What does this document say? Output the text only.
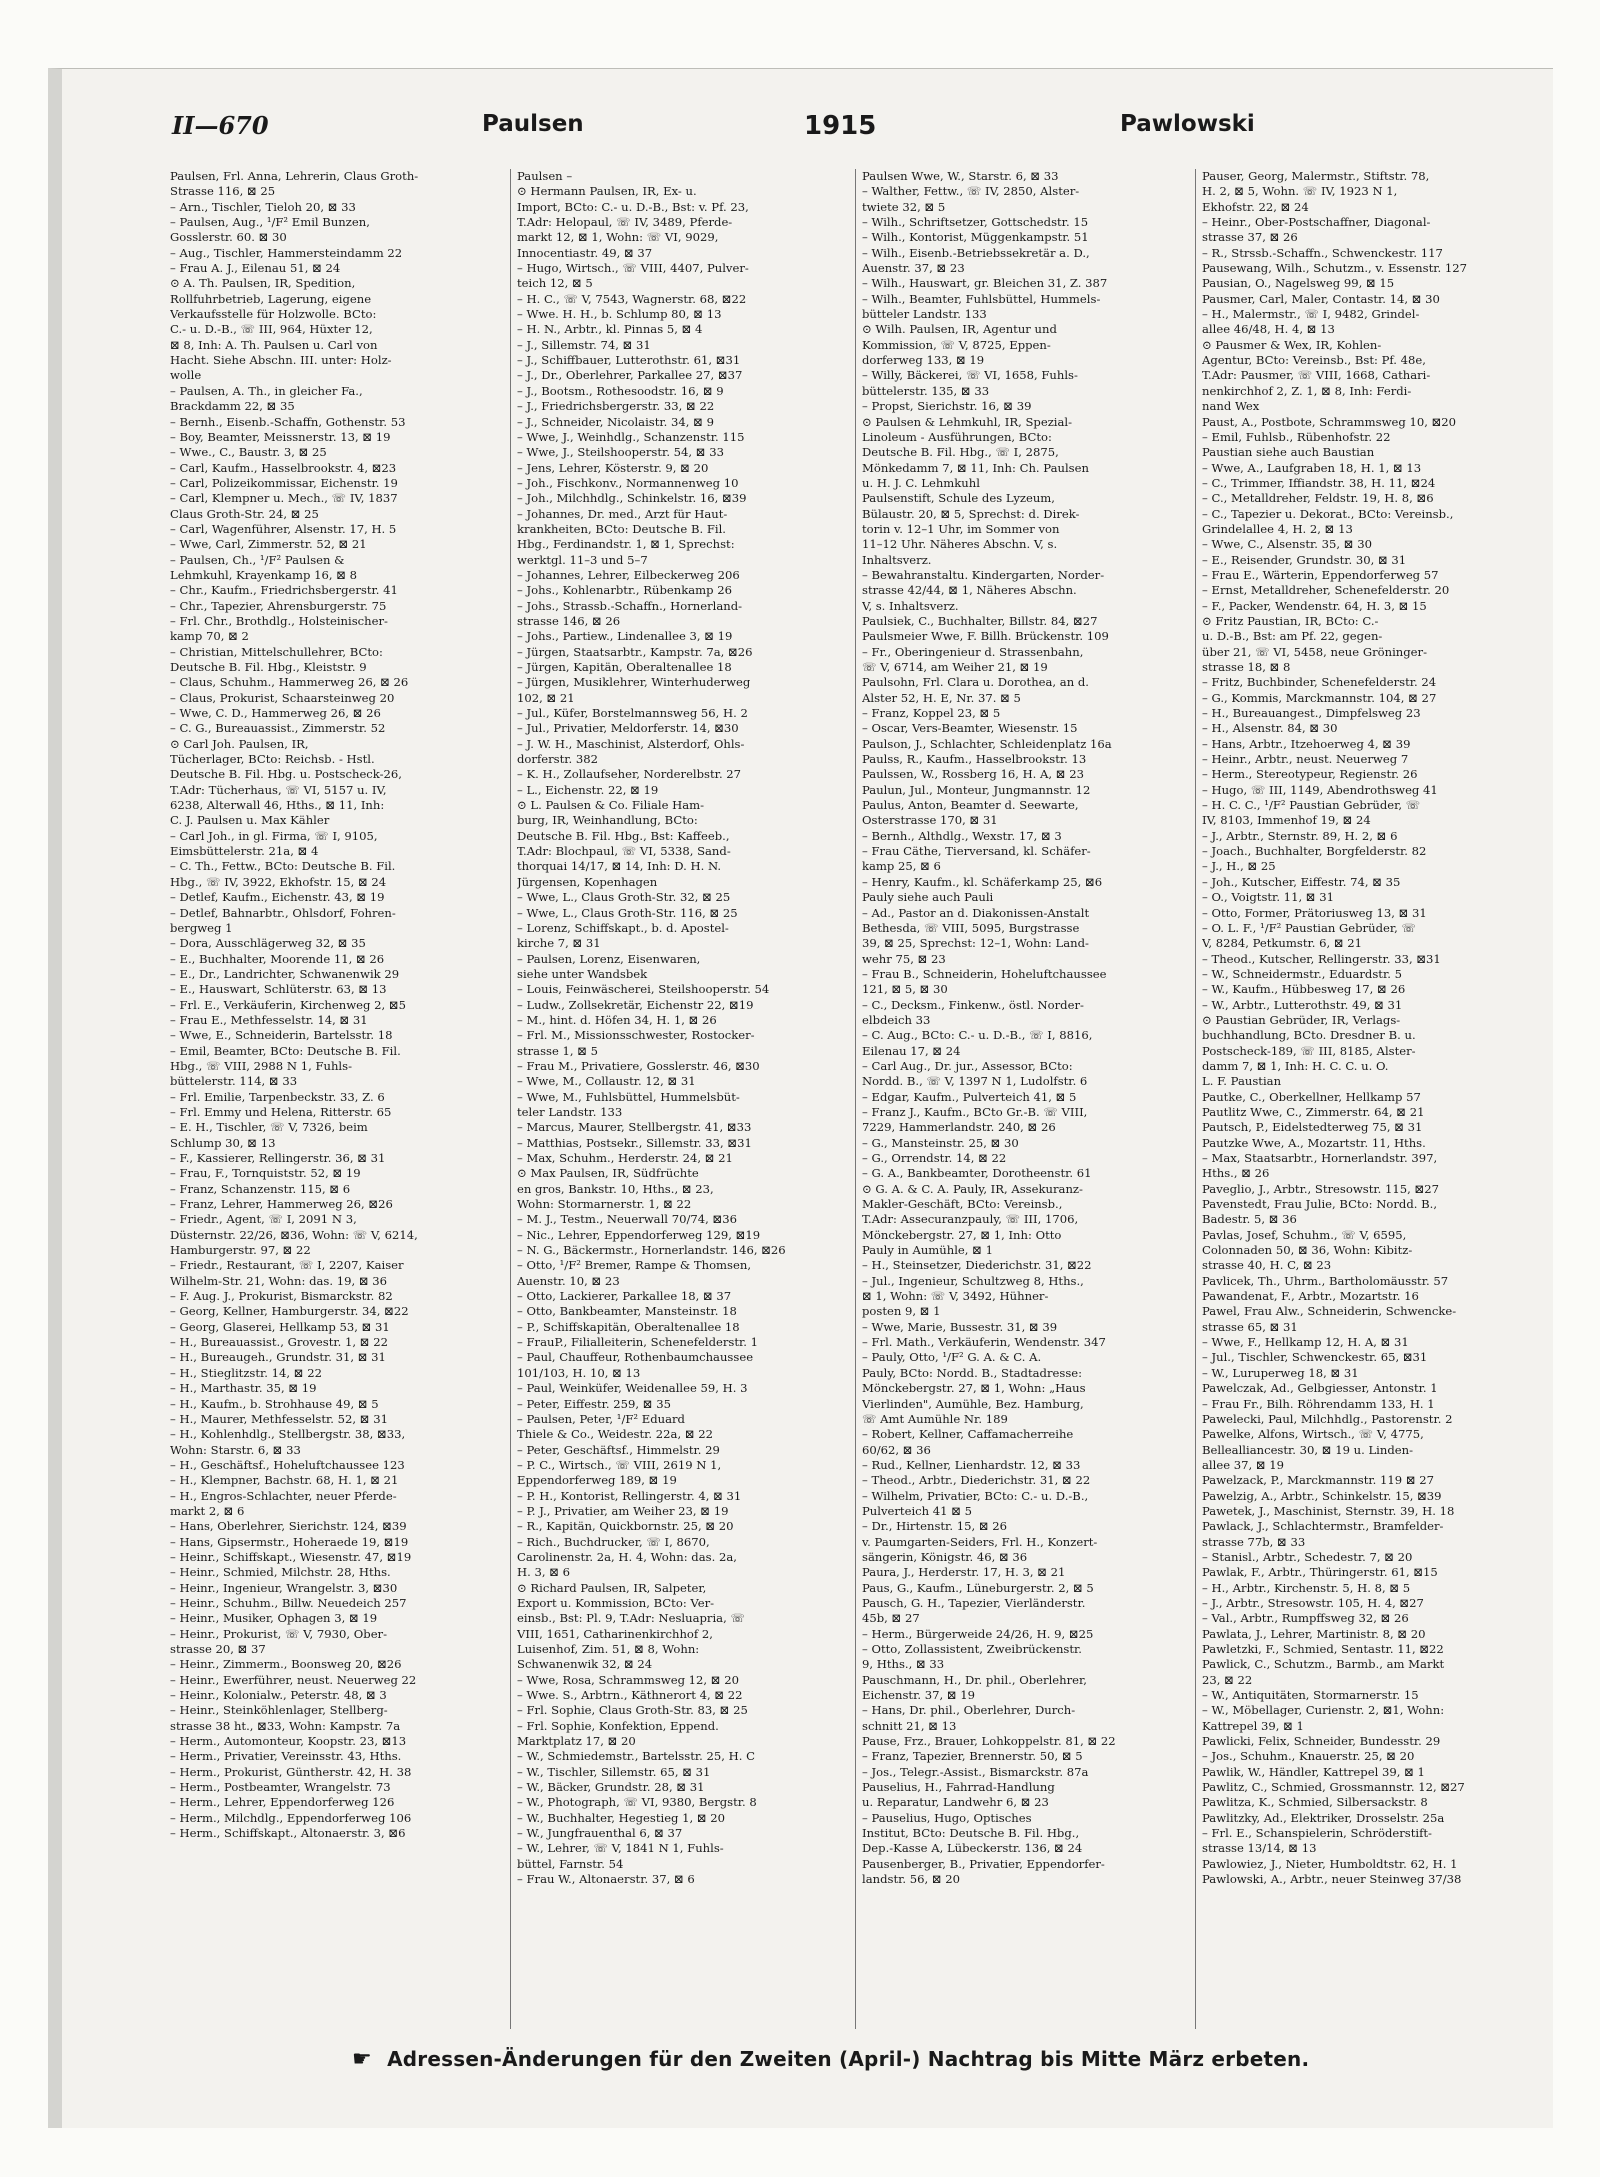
II—670	Paulsen	1915	Pawlowski
Paulsen, Frl. Anna, Lehrerin, Claus Groth-
Strasse 116, ⊠ 25
– Arn., Tischler, Tieloh 20, ⊠ 33
– Paulsen, Aug., ¹/F² Emil Bunzen,
Gosslerstr. 60. ⊠ 30
– Aug., Tischler, Hammersteindamm 22
– Frau A. J., Eilenau 51, ⊠ 24
⊙ A. Th. Paulsen, IR, Spedition,
Rollfuhrbetrieb, Lagerung, eigene
Verkaufsstelle für Holzwolle. BCto:
C.- u. D.-B., ☏ III, 964, Hüxter 12,
⊠ 8, Inh: A. Th. Paulsen u. Carl von
Hacht. Siehe Abschn. III. unter: Holz-
wolle
– Paulsen, A. Th., in gleicher Fa.,
Brackdamm 22, ⊠ 35
– Bernh., Eisenb.-Schaffn, Gothenstr. 53
– Boy, Beamter, Meissnerstr. 13, ⊠ 19
– Wwe., C., Baustr. 3, ⊠ 25
– Carl, Kaufm., Hasselbrookstr. 4, ⊠23
– Carl, Polizeikommissar, Eichenstr. 19
– Carl, Klempner u. Mech., ☏ IV, 1837
Claus Groth-Str. 24, ⊠ 25
– Carl, Wagenführer, Alsenstr. 17, H. 5
– Wwe, Carl, Zimmerstr. 52, ⊠ 21
– Paulsen, Ch., ¹/F² Paulsen &
Lehmkuhl, Krayenkamp 16, ⊠ 8
– Chr., Kaufm., Friedrichsbergerstr. 41
– Chr., Tapezier, Ahrensburgerstr. 75
– Frl. Chr., Brothdlg., Holsteinischer-
kamp 70, ⊠ 2
– Christian, Mittelschullehrer, BCto:
Deutsche B. Fil. Hbg., Kleiststr. 9
– Claus, Schuhm., Hammerweg 26, ⊠ 26
– Claus, Prokurist, Schaarsteinweg 20
– Wwe, C. D., Hammerweg 26, ⊠ 26
– C. G., Bureauassist., Zimmerstr. 52
⊙ Carl Joh. Paulsen, IR,
Tücherlager, BCto: Reichsb. - Hstl.
Deutsche B. Fil. Hbg. u. Postscheck-26,
T.Adr: Tücherhaus, ☏ VI, 5157 u. IV,
6238, Alterwall 46, Hths., ⊠ 11, Inh:
C. J. Paulsen u. Max Kähler
– Carl Joh., in gl. Firma, ☏ I, 9105,
Eimsbüttelerstr. 21a, ⊠ 4
– C. Th., Fettw., BCto: Deutsche B. Fil.
Hbg., ☏ IV, 3922, Ekhofstr. 15, ⊠ 24
– Detlef, Kaufm., Eichenstr. 43, ⊠ 19
– Detlef, Bahnarbtr., Ohlsdorf, Fohren-
bergweg 1
– Dora, Ausschlägerweg 32, ⊠ 35
– E., Buchhalter, Moorende 11, ⊠ 26
– E., Dr., Landrichter, Schwanenwik 29
– E., Hauswart, Schlüterstr. 63, ⊠ 13
– Frl. E., Verkäuferin, Kirchenweg 2, ⊠5
– Frau E., Methfesselstr. 14, ⊠ 31
– Wwe, E., Schneiderin, Bartelsstr. 18
– Emil, Beamter, BCto: Deutsche B. Fil.
Hbg., ☏ VIII, 2988 N 1, Fuhls-
büttelerstr. 114, ⊠ 33
– Frl. Emilie, Tarpenbeckstr. 33, Z. 6
– Frl. Emmy und Helena, Ritterstr. 65
– E. H., Tischler, ☏ V, 7326, beim
Schlump 30, ⊠ 13
– F., Kassierer, Rellingerstr. 36, ⊠ 31
– Frau, F., Tornquiststr. 52, ⊠ 19
– Franz, Schanzenstr. 115, ⊠ 6
– Franz, Lehrer, Hammerweg 26, ⊠26
– Friedr., Agent, ☏ I, 2091 N 3,
Düsternstr. 22/26, ⊠36, Wohn: ☏ V, 6214,
Hamburgerstr. 97, ⊠ 22
– Friedr., Restaurant, ☏ I, 2207, Kaiser
Wilhelm-Str. 21, Wohn: das. 19, ⊠ 36
– F. Aug. J., Prokurist, Bismarckstr. 82
– Georg, Kellner, Hamburgerstr. 34, ⊠22
– Georg, Glaserei, Hellkamp 53, ⊠ 31
– H., Bureauassist., Grovestr. 1, ⊠ 22
– H., Bureaugeh., Grundstr. 31, ⊠ 31
– H., Stieglitzstr. 14, ⊠ 22
– H., Marthastr. 35, ⊠ 19
– H., Kaufm., b. Strohhause 49, ⊠ 5
– H., Maurer, Methfesselstr. 52, ⊠ 31
– H., Kohlenhdlg., Stellbergstr. 38, ⊠33,
Wohn: Starstr. 6, ⊠ 33
– H., Geschäftsf., Hoheluftchaussee 123
– H., Klempner, Bachstr. 68, H. 1, ⊠ 21
– H., Engros-Schlachter, neuer Pferde-
markt 2, ⊠ 6
– Hans, Oberlehrer, Sierichstr. 124, ⊠39
– Hans, Gipsermstr., Hoheraede 19, ⊠19
– Heinr., Schiffskapt., Wiesenstr. 47, ⊠19
– Heinr., Schmied, Milchstr. 28, Hths.
– Heinr., Ingenieur, Wrangelstr. 3, ⊠30
– Heinr., Schuhm., Billw. Neuedeich 257
– Heinr., Musiker, Ophagen 3, ⊠ 19
– Heinr., Prokurist, ☏ V, 7930, Ober-
strasse 20, ⊠ 37
– Heinr., Zimmerm., Boonsweg 20, ⊠26
– Heinr., Ewerführer, neust. Neuerweg 22
– Heinr., Kolonialw., Peterstr. 48, ⊠ 3
– Heinr., Steinköhlenlager, Stellberg-
strasse 38 ht., ⊠33, Wohn: Kampstr. 7a
– Herm., Automonteur, Koopstr. 23, ⊠13
– Herm., Privatier, Vereinsstr. 43, Hths.
– Herm., Prokurist, Güntherstr. 42, H. 38
– Herm., Postbeamter, Wrangelstr. 73
– Herm., Lehrer, Eppendorferweg 126
– Herm., Milchdlg., Eppendorferweg 106
– Herm., Schiffskapt., Altonaerstr. 3, ⊠6
Paulsen –
⊙ Hermann Paulsen, IR, Ex- u.
Import, BCto: C.- u. D.-B., Bst: v. Pf. 23,
T.Adr: Helopaul, ☏ IV, 3489, Pferde-
markt 12, ⊠ 1, Wohn: ☏ VI, 9029,
Innocentiastr. 49, ⊠ 37
– Hugo, Wirtsch., ☏ VIII, 4407, Pulver-
teich 12, ⊠ 5
– H. C., ☏ V, 7543, Wagnerstr. 68, ⊠22
– Wwe. H. H., b. Schlump 80, ⊠ 13
– H. N., Arbtr., kl. Pinnas 5, ⊠ 4
– J., Sillemstr. 74, ⊠ 31
– J., Schiffbauer, Lutterothstr. 61, ⊠31
– J., Dr., Oberlehrer, Parkallee 27, ⊠37
– J., Bootsm., Rothesoodstr. 16, ⊠ 9
– J., Friedrichsbergerstr. 33, ⊠ 22
– J., Schneider, Nicolaistr. 34, ⊠ 9
– Wwe, J., Weinhdlg., Schanzenstr. 115
– Wwe, J., Steilshooperstr. 54, ⊠ 33
– Jens, Lehrer, Kösterstr. 9, ⊠ 20
– Joh., Fischkonv., Normannenweg 10
– Joh., Milchhdlg., Schinkelstr. 16, ⊠39
– Johannes, Dr. med., Arzt für Haut-
krankheiten, BCto: Deutsche B. Fil.
Hbg., Ferdinandstr. 1, ⊠ 1, Sprechst:
werktgl. 11–3 und 5–7
– Johannes, Lehrer, Eilbeckerweg 206
– Johs., Kohlenarbtr., Rübenkamp 26
– Johs., Strassb.-Schaffn., Hornerland-
strasse 146, ⊠ 26
– Johs., Partiew., Lindenallee 3, ⊠ 19
– Jürgen, Staatsarbtr., Kampstr. 7a, ⊠26
– Jürgen, Kapitän, Oberaltenallee 18
– Jürgen, Musiklehrer, Winterhuderweg
102, ⊠ 21
– Jul., Küfer, Borstelmannsweg 56, H. 2
– Jul., Privatier, Meldorferstr. 14, ⊠30
– J. W. H., Maschinist, Alsterdorf, Ohls-
dorferstr. 382
– K. H., Zollaufseher, Norderelbstr. 27
– L., Eichenstr. 22, ⊠ 19
⊙ L. Paulsen & Co. Filiale Ham-
burg, IR, Weinhandlung, BCto:
Deutsche B. Fil. Hbg., Bst: Kaffeeb.,
T.Adr: Blochpaul, ☏ VI, 5338, Sand-
thorquai 14/17, ⊠ 14, Inh: D. H. N.
Jürgensen, Kopenhagen
– Wwe, L., Claus Groth-Str. 32, ⊠ 25
– Wwe, L., Claus Groth-Str. 116, ⊠ 25
– Lorenz, Schiffskapt., b. d. Apostel-
kirche 7, ⊠ 31
– Paulsen, Lorenz, Eisenwaren,
siehe unter Wandsbek
– Louis, Feinwäscherei, Steilshooperstr. 54
– Ludw., Zollsekretär, Eichenstr 22, ⊠19
– M., hint. d. Höfen 34, H. 1, ⊠ 26
– Frl. M., Missionsschwester, Rostocker-
strasse 1, ⊠ 5
– Frau M., Privatiere, Gosslerstr. 46, ⊠30
– Wwe, M., Collaustr. 12, ⊠ 31
– Wwe, M., Fuhlsbüttel, Hummelsbüt-
teler Landstr. 133
– Marcus, Maurer, Stellbergstr. 41, ⊠33
– Matthias, Postsekr., Sillemstr. 33, ⊠31
– Max, Schuhm., Herderstr. 24, ⊠ 21
⊙ Max Paulsen, IR, Südfrüchte
en gros, Bankstr. 10, Hths., ⊠ 23,
Wohn: Stormarnerstr. 1, ⊠ 22
– M. J., Testm., Neuerwall 70/74, ⊠36
– Nic., Lehrer, Eppendorferweg 129, ⊠19
– N. G., Bäckermstr., Hornerlandstr. 146, ⊠26
– Otto, ¹/F² Bremer, Rampe & Thomsen,
Auenstr. 10, ⊠ 23
– Otto, Lackierer, Parkallee 18, ⊠ 37
– Otto, Bankbeamter, Mansteinstr. 18
– P., Schiffskapitän, Oberaltenallee 18
– FrauP., Filialleiterin, Schenefelderstr. 1
– Paul, Chauffeur, Rothenbaumchaussee
101/103, H. 10, ⊠ 13
– Paul, Weinküfer, Weidenallee 59, H. 3
– Peter, Eiffestr. 259, ⊠ 35
– Paulsen, Peter, ¹/F² Eduard
Thiele & Co., Weidestr. 22a, ⊠ 22
– Peter, Geschäftsf., Himmelstr. 29
– P. C., Wirtsch., ☏ VIII, 2619 N 1,
Eppendorferweg 189, ⊠ 19
– P. H., Kontorist, Rellingerstr. 4, ⊠ 31
– P. J., Privatier, am Weiher 23, ⊠ 19
– R., Kapitän, Quickbornstr. 25, ⊠ 20
– Rich., Buchdrucker, ☏ I, 8670,
Carolinenstr. 2a, H. 4, Wohn: das. 2a,
H. 3, ⊠ 6
⊙ Richard Paulsen, IR, Salpeter,
Export u. Kommission, BCto: Ver-
einsb., Bst: Pl. 9, T.Adr: Nesluapria, ☏
VIII, 1651, Catharinenkirchhof 2,
Luisenhof, Zim. 51, ⊠ 8, Wohn:
Schwanenwik 32, ⊠ 24
– Wwe, Rosa, Schrammsweg 12, ⊠ 20
– Wwe. S., Arbtrn., Käthnerort 4, ⊠ 22
– Frl. Sophie, Claus Groth-Str. 83, ⊠ 25
– Frl. Sophie, Konfektion, Eppend.
Marktplatz 17, ⊠ 20
– W., Schmiedemstr., Bartelsstr. 25, H. C
– W., Tischler, Sillemstr. 65, ⊠ 31
– W., Bäcker, Grundstr. 28, ⊠ 31
– W., Photograph, ☏ VI, 9380, Bergstr. 8
– W., Buchhalter, Hegestieg 1, ⊠ 20
– W., Jungfrauenthal 6, ⊠ 37
– W., Lehrer, ☏ V, 1841 N 1, Fuhls-
büttel, Farnstr. 54
– Frau W., Altonaerstr. 37, ⊠ 6
Paulsen Wwe, W., Starstr. 6, ⊠ 33
– Walther, Fettw., ☏ IV, 2850, Alster-
twiete 32, ⊠ 5
– Wilh., Schriftsetzer, Gottschedstr. 15
– Wilh., Kontorist, Müggenkampstr. 51
– Wilh., Eisenb.-Betriebssekretär a. D.,
Auenstr. 37, ⊠ 23
– Wilh., Hauswart, gr. Bleichen 31, Z. 387
– Wilh., Beamter, Fuhlsbüttel, Hummels-
bütteler Landstr. 133
⊙ Wilh. Paulsen, IR, Agentur und
Kommission, ☏ V, 8725, Eppen-
dorferweg 133, ⊠ 19
– Willy, Bäckerei, ☏ VI, 1658, Fuhls-
büttelerstr. 135, ⊠ 33
– Propst, Sierichstr. 16, ⊠ 39
⊙ Paulsen & Lehmkuhl, IR, Spezial-
Linoleum - Ausführungen, BCto:
Deutsche B. Fil. Hbg., ☏ I, 2875,
Mönkedamm 7, ⊠ 11, Inh: Ch. Paulsen
u. H. J. C. Lehmkuhl
Paulsenstift, Schule des Lyzeum,
Bülaustr. 20, ⊠ 5, Sprechst: d. Direk-
torin v. 12–1 Uhr, im Sommer von
11–12 Uhr. Näheres Abschn. V, s.
Inhaltsverz.
– Bewahranstaltu. Kindergarten, Norder-
strasse 42/44, ⊠ 1, Näheres Abschn.
V, s. Inhaltsverz.
Paulsiek, C., Buchhalter, Billstr. 84, ⊠27
Paulsmeier Wwe, F. Billh. Brückenstr. 109
– Fr., Oberingenieur d. Strassenbahn,
☏ V, 6714, am Weiher 21, ⊠ 19
Paulsohn, Frl. Clara u. Dorothea, an d.
Alster 52, H. E, Nr. 37. ⊠ 5
– Franz, Koppel 23, ⊠ 5
– Oscar, Vers-Beamter, Wiesenstr. 15
Paulson, J., Schlachter, Schleidenplatz 16a
Paulss, R., Kaufm., Hasselbrookstr. 13
Paulssen, W., Rossberg 16, H. A, ⊠ 23
Paulun, Jul., Monteur, Jungmannstr. 12
Paulus, Anton, Beamter d. Seewarte,
Osterstrasse 170, ⊠ 31
– Bernh., Althdlg., Wexstr. 17, ⊠ 3
– Frau Cäthe, Tierversand, kl. Schäfer-
kamp 25, ⊠ 6
– Henry, Kaufm., kl. Schäferkamp 25, ⊠6
Pauly siehe auch Pauli
– Ad., Pastor an d. Diakonissen-Anstalt
Bethesda, ☏ VIII, 5095, Burgstrasse
39, ⊠ 25, Sprechst: 12–1, Wohn: Land-
wehr 75, ⊠ 23
– Frau B., Schneiderin, Hoheluftchaussee
121, ⊠ 5, ⊠ 30
– C., Decksm., Finkenw., östl. Norder-
elbdeich 33
– C. Aug., BCto: C.- u. D.-B., ☏ I, 8816,
Eilenau 17, ⊠ 24
– Carl Aug., Dr. jur., Assessor, BCto:
Nordd. B., ☏ V, 1397 N 1, Ludolfstr. 6
– Edgar, Kaufm., Pulverteich 41, ⊠ 5
– Franz J., Kaufm., BCto Gr.-B. ☏ VIII,
7229, Hammerlandstr. 240, ⊠ 26
– G., Mansteinstr. 25, ⊠ 30
– G., Orrendstr. 14, ⊠ 22
– G. A., Bankbeamter, Dorotheenstr. 61
⊙ G. A. & C. A. Pauly, IR, Assekuranz-
Makler-Geschäft, BCto: Vereinsb.,
T.Adr: Assecuranzpauly, ☏ III, 1706,
Mönckebergstr. 27, ⊠ 1, Inh: Otto
Pauly in Aumühle, ⊠ 1
– H., Steinsetzer, Diederichstr. 31, ⊠22
– Jul., Ingenieur, Schultzweg 8, Hths.,
⊠ 1, Wohn: ☏ V, 3492, Hühner-
posten 9, ⊠ 1
– Wwe, Marie, Bussestr. 31, ⊠ 39
– Frl. Math., Verkäuferin, Wendenstr. 347
– Pauly, Otto, ¹/F² G. A. & C. A.
Pauly, BCto: Nordd. B., Stadtadresse:
Mönckebergstr. 27, ⊠ 1, Wohn: „Haus
Vierlinden", Aumühle, Bez. Hamburg,
☏ Amt Aumühle Nr. 189
– Robert, Kellner, Caffamacherreihe
60/62, ⊠ 36
– Rud., Kellner, Lienhardstr. 12, ⊠ 33
– Theod., Arbtr., Diederichstr. 31, ⊠ 22
– Wilhelm, Privatier, BCto: C.- u. D.-B.,
Pulverteich 41 ⊠ 5
– Dr., Hirtenstr. 15, ⊠ 26
v. Paumgarten-Seiders, Frl. H., Konzert-
sängerin, Königstr. 46, ⊠ 36
Paura, J., Herderstr. 17, H. 3, ⊠ 21
Paus, G., Kaufm., Lüneburgerstr. 2, ⊠ 5
Pausch, G. H., Tapezier, Vierländerstr.
45b, ⊠ 27
– Herm., Bürgerweide 24/26, H. 9, ⊠25
– Otto, Zollassistent, Zweibrückenstr.
9, Hths., ⊠ 33
Pauschmann, H., Dr. phil., Oberlehrer,
Eichenstr. 37, ⊠ 19
– Hans, Dr. phil., Oberlehrer, Durch-
schnitt 21, ⊠ 13
Pause, Frz., Brauer, Lohkoppelstr. 81, ⊠ 22
– Franz, Tapezier, Brennerstr. 50, ⊠ 5
– Jos., Telegr.-Assist., Bismarckstr. 87a
Pauselius, H., Fahrrad-Handlung
u. Reparatur, Landwehr 6, ⊠ 23
– Pauselius, Hugo, Optisches
Institut, BCto: Deutsche B. Fil. Hbg.,
Dep.-Kasse A, Lübeckerstr. 136, ⊠ 24
Pausenberger, B., Privatier, Eppendorfer-
landstr. 56, ⊠ 20
Pauser, Georg, Malermstr., Stiftstr. 78,
H. 2, ⊠ 5, Wohn. ☏ IV, 1923 N 1,
Ekhofstr. 22, ⊠ 24
– Heinr., Ober-Postschaffner, Diagonal-
strasse 37, ⊠ 26
– R., Strssb.-Schaffn., Schwenckestr. 117
Pausewang, Wilh., Schutzm., v. Essenstr. 127
Pausian, O., Nagelsweg 99, ⊠ 15
Pausmer, Carl, Maler, Contastr. 14, ⊠ 30
– H., Malermstr., ☏ I, 9482, Grindel-
allee 46/48, H. 4, ⊠ 13
⊙ Pausmer & Wex, IR, Kohlen-
Agentur, BCto: Vereinsb., Bst: Pf. 48e,
T.Adr: Pausmer, ☏ VIII, 1668, Cathari-
nenkirchhof 2, Z. 1, ⊠ 8, Inh: Ferdi-
nand Wex
Paust, A., Postbote, Schrammsweg 10, ⊠20
– Emil, Fuhlsb., Rübenhofstr. 22
Paustian siehe auch Baustian
– Wwe, A., Laufgraben 18, H. 1, ⊠ 13
– C., Trimmer, Iffiandstr. 38, H. 11, ⊠24
– C., Metalldreher, Feldstr. 19, H. 8, ⊠6
– C., Tapezier u. Dekorat., BCto: Vereinsb.,
Grindelallee 4, H. 2, ⊠ 13
– Wwe, C., Alsenstr. 35, ⊠ 30
– E., Reisender, Grundstr. 30, ⊠ 31
– Frau E., Wärterin, Eppendorferweg 57
– Ernst, Metalldreher, Schenefelderstr. 20
– F., Packer, Wendenstr. 64, H. 3, ⊠ 15
⊙ Fritz Paustian, IR, BCto: C.-
u. D.-B., Bst: am Pf. 22, gegen-
über 21, ☏ VI, 5458, neue Gröninger-
strasse 18, ⊠ 8
– Fritz, Buchbinder, Schenefelderstr. 24
– G., Kommis, Marckmannstr. 104, ⊠ 27
– H., Bureauangest., Dimpfelsweg 23
– H., Alsenstr. 84, ⊠ 30
– Hans, Arbtr., Itzehoerweg 4, ⊠ 39
– Heinr., Arbtr., neust. Neuerweg 7
– Herm., Stereotypeur, Regienstr. 26
– Hugo, ☏ III, 1149, Abendrothsweg 41
– H. C. C., ¹/F² Paustian Gebrüder, ☏
IV, 8103, Immenhof 19, ⊠ 24
– J., Arbtr., Sternstr. 89, H. 2, ⊠ 6
– Joach., Buchhalter, Borgfelderstr. 82
– J., H., ⊠ 25
– Joh., Kutscher, Eiffestr. 74, ⊠ 35
– O., Voigtstr. 11, ⊠ 31
– Otto, Former, Prätoriusweg 13, ⊠ 31
– O. L. F., ¹/F² Paustian Gebrüder, ☏
V, 8284, Petkumstr. 6, ⊠ 21
– Theod., Kutscher, Rellingerstr. 33, ⊠31
– W., Schneidermstr., Eduardstr. 5
– W., Kaufm., Hübbesweg 17, ⊠ 26
– W., Arbtr., Lutterothstr. 49, ⊠ 31
⊙ Paustian Gebrüder, IR, Verlags-
buchhandlung, BCto. Dresdner B. u.
Postscheck-189, ☏ III, 8185, Alster-
damm 7, ⊠ 1, Inh: H. C. C. u. O.
L. F. Paustian
Pautke, C., Oberkellner, Hellkamp 57
Pautlitz Wwe, C., Zimmerstr. 64, ⊠ 21
Pautsch, P., Eidelstedterweg 75, ⊠ 31
Pautzke Wwe, A., Mozartstr. 11, Hths.
– Max, Staatsarbtr., Hornerlandstr. 397,
Hths., ⊠ 26
Paveglio, J., Arbtr., Stresowstr. 115, ⊠27
Pavenstedt, Frau Julie, BCto: Nordd. B.,
Badestr. 5, ⊠ 36
Pavlas, Josef, Schuhm., ☏ V, 6595,
Colonnaden 50, ⊠ 36, Wohn: Kibitz-
strasse 40, H. C, ⊠ 23
Pavlicek, Th., Uhrm., Bartholomäusstr. 57
Pawandenat, F., Arbtr., Mozartstr. 16
Pawel, Frau Alw., Schneiderin, Schwencke-
strasse 65, ⊠ 31
– Wwe, F., Hellkamp 12, H. A, ⊠ 31
– Jul., Tischler, Schwenckestr. 65, ⊠31
– W., Luruperweg 18, ⊠ 31
Pawelczak, Ad., Gelbgiesser, Antonstr. 1
– Frau Fr., Bilh. Röhrendamm 133, H. 1
Pawelecki, Paul, Milchhdlg., Pastorenstr. 2
Pawelke, Alfons, Wirtsch., ☏ V, 4775,
Bellealliancestr. 30, ⊠ 19 u. Linden-
allee 37, ⊠ 19
Pawelzack, P., Marckmannstr. 119 ⊠ 27
Pawelzig, A., Arbtr., Schinkelstr. 15, ⊠39
Pawetek, J., Maschinist, Sternstr. 39, H. 18
Pawlack, J., Schlachtermstr., Bramfelder-
strasse 77b, ⊠ 33
– Stanisl., Arbtr., Schedestr. 7, ⊠ 20
Pawlak, F., Arbtr., Thüringerstr. 61, ⊠15
– H., Arbtr., Kirchenstr. 5, H. 8, ⊠ 5
– J., Arbtr., Stresowstr. 105, H. 4, ⊠27
– Val., Arbtr., Rumpffsweg 32, ⊠ 26
Pawlata, J., Lehrer, Martinistr. 8, ⊠ 20
Pawletzki, F., Schmied, Sentastr. 11, ⊠22
Pawlick, C., Schutzm., Barmb., am Markt
23, ⊠ 22
– W., Antiquitäten, Stormarnerstr. 15
– W., Möbellager, Curienstr. 2, ⊠1, Wohn:
Kattrepel 39, ⊠ 1
Pawlicki, Felix, Schneider, Bundesstr. 29
– Jos., Schuhm., Knauerstr. 25, ⊠ 20
Pawlik, W., Händler, Kattrepel 39, ⊠ 1
Pawlitz, C., Schmied, Grossmannstr. 12, ⊠27
Pawlitza, K., Schmied, Silbersackstr. 8
Pawlitzky, Ad., Elektriker, Drosselstr. 25a
– Frl. E., Schanspielerin, Schröderstift-
strasse 13/14, ⊠ 13
Pawlowiez, J., Nieter, Humboldtstr. 62, H. 1
Pawlowski, A., Arbtr., neuer Steinweg 37/38
☛ Adressen-Änderungen für den Zweiten (April-) Nachtrag bis Mitte März erbeten.
